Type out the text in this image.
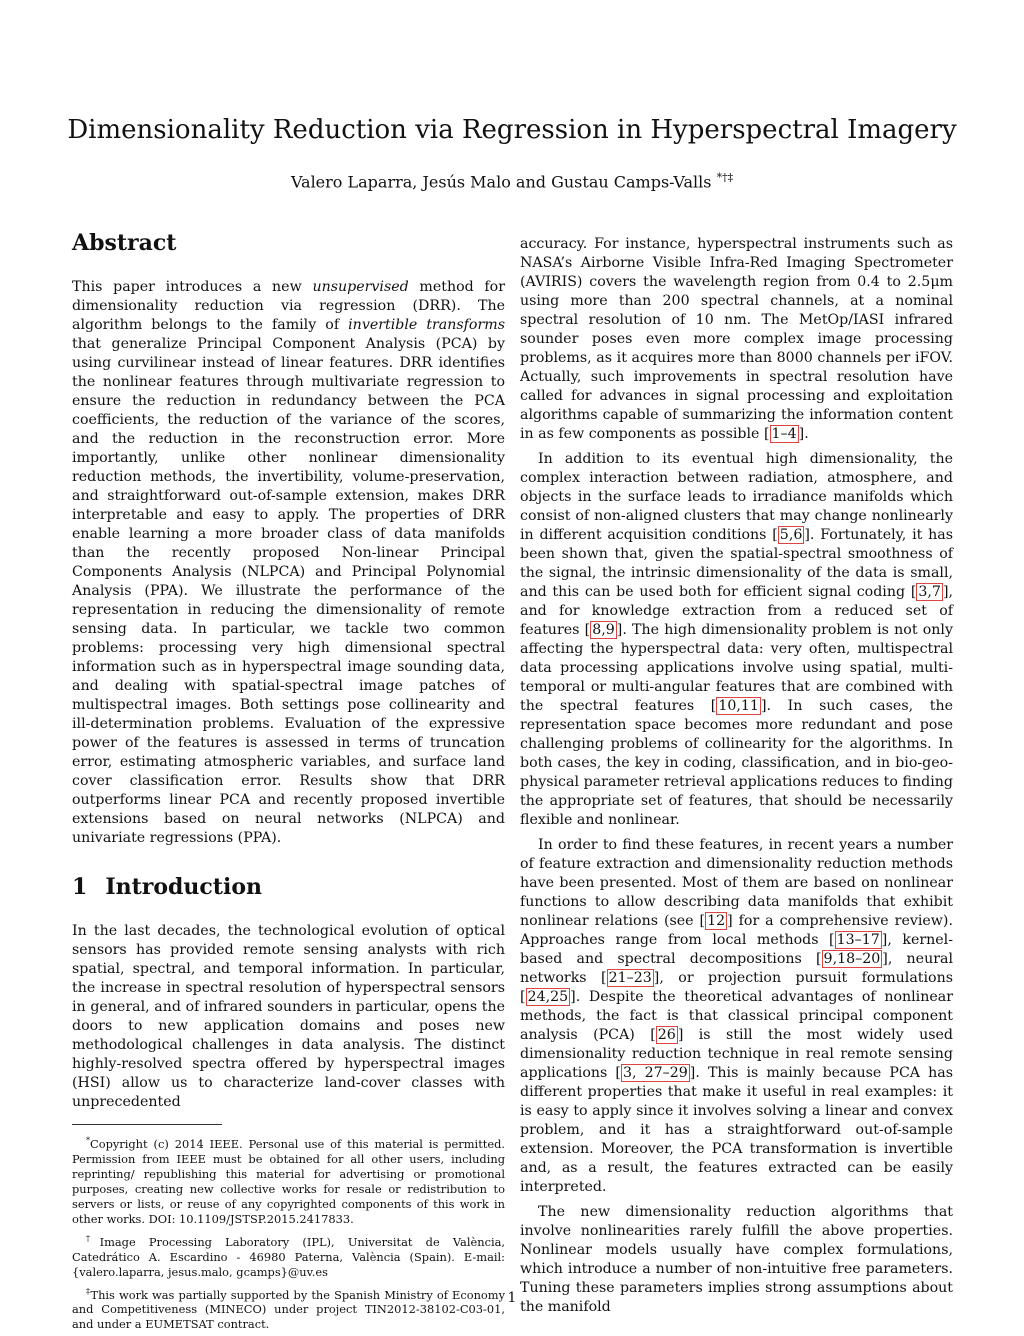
Dimensionality Reduction via Regression in Hyperspectral Imagery
Valero Laparra, Jesús Malo and Gustau Camps-Valls *†‡
Abstract

This paper introduces a new unsupervised method for dimensionality reduction via regression (DRR). The algorithm belongs to the family of invertible transforms that generalize Principal Component Analysis (PCA) by using curvilinear instead of linear features. DRR identifies the nonlinear features through multivariate regression to ensure the reduction in redundancy between the PCA coefficients, the reduction of the variance of the scores, and the reduction in the reconstruction error. More importantly, unlike other nonlinear dimensionality reduction methods, the invertibility, volume-preservation, and straightforward out-of-sample extension, makes DRR interpretable and easy to apply. The properties of DRR enable learning a more broader class of data manifolds than the recently proposed Non-linear Principal Components Analysis (NLPCA) and Principal Polynomial Analysis (PPA). We illustrate the performance of the representation in reducing the dimensionality of remote sensing data. In particular, we tackle two common problems: processing very high dimensional spectral information such as in hyperspectral image sounding data, and dealing with spatial-spectral image patches of multispectral images. Both settings pose collinearity and ill-determination problems. Evaluation of the expressive power of the features is assessed in terms of truncation error, estimating atmospheric variables, and surface land cover classification error. Results show that DRR outperforms linear PCA and recently proposed invertible extensions based on neural networks (NLPCA) and univariate regressions (PPA).

1 Introduction

In the last decades, the technological evolution of optical sensors has provided remote sensing analysts with rich spatial, spectral, and temporal information. In particular, the increase in spectral resolution of hyperspectral sensors in general, and of infrared sounders in particular, opens the doors to new application domains and poses new methodological challenges in data analysis. The distinct highly-resolved spectra offered by hyperspectral images (HSI) allow us to characterize land-cover classes with unprecedented

*Copyright (c) 2014 IEEE. Personal use of this material is permitted. Permission from IEEE must be obtained for all other users, including reprinting/ republishing this material for advertising or promotional purposes, creating new collective works for resale or redistribution to servers or lists, or reuse of any copyrighted components of this work in other works. DOI: 10.1109/JSTSP.2015.2417833.
†Image Processing Laboratory (IPL), Universitat de València, Catedrático A. Escardino - 46980 Paterna, València (Spain). E-mail: {valero.laparra, jesus.malo, gcamps}@uv.es
‡This work was partially supported by the Spanish Ministry of Economy and Competitiveness (MINECO) under project TIN2012-38102-C03-01, and under a EUMETSAT contract.

accuracy. For instance, hyperspectral instruments such as NASA’s Airborne Visible Infra-Red Imaging Spectrometer (AVIRIS) covers the wavelength region from 0.4 to 2.5μm using more than 200 spectral channels, at a nominal spectral resolution of 10 nm. The MetOp/IASI infrared sounder poses even more complex image processing problems, as it acquires more than 8000 channels per iFOV. Actually, such improvements in spectral resolution have called for advances in signal processing and exploitation algorithms capable of summarizing the information content in as few components as possible [ 1–4 ].

In addition to its eventual high dimensionality, the complex interaction between radiation, atmosphere, and objects in the surface leads to irradiance manifolds which consist of non-aligned clusters that may change nonlinearly in different acquisition conditions [ 5,6 ]. Fortunately, it has been shown that, given the spatial-spectral smoothness of the signal, the intrinsic dimensionality of the data is small, and this can be used both for efficient signal coding [ 3,7 ], and for knowledge extraction from a reduced set of features [ 8,9 ]. The high dimensionality problem is not only affecting the hyperspectral data: very often, multispectral data processing applications involve using spatial, multi-temporal or multi-angular features that are combined with the spectral features [ 10,11 ]. In such cases, the representation space becomes more redundant and pose challenging problems of collinearity for the algorithms. In both cases, the key in coding, classification, and in bio-geo-physical parameter retrieval applications reduces to finding the appropriate set of features, that should be necessarily flexible and nonlinear.

In order to find these features, in recent years a number of feature extraction and dimensionality reduction methods have been presented. Most of them are based on nonlinear functions to allow describing data manifolds that exhibit nonlinear relations (see [ 12 ] for a comprehensive review). Approaches range from local methods [ 13–17 ], kernel-based and spectral decompositions [ 9,18–20 ], neural networks [ 21–23 ], or projection pursuit formulations [ 24,25 ]. Despite the theoretical advantages of nonlinear methods, the fact is that classical principal component analysis (PCA) [ 26 ] is still the most widely used dimensionality reduction technique in real remote sensing applications [ 3, 27–29 ]. This is mainly because PCA has different properties that make it useful in real examples: it is easy to apply since it involves solving a linear and convex problem, and it has a straightforward out-of-sample extension. Moreover, the PCA transformation is invertible and, as a result, the features extracted can be easily interpreted.

The new dimensionality reduction algorithms that involve nonlinearities rarely fulfill the above properties. Nonlinear models usually have complex formulations, which introduce a number of non-intuitive free parameters. Tuning these parameters implies strong assumptions about the manifold

1
